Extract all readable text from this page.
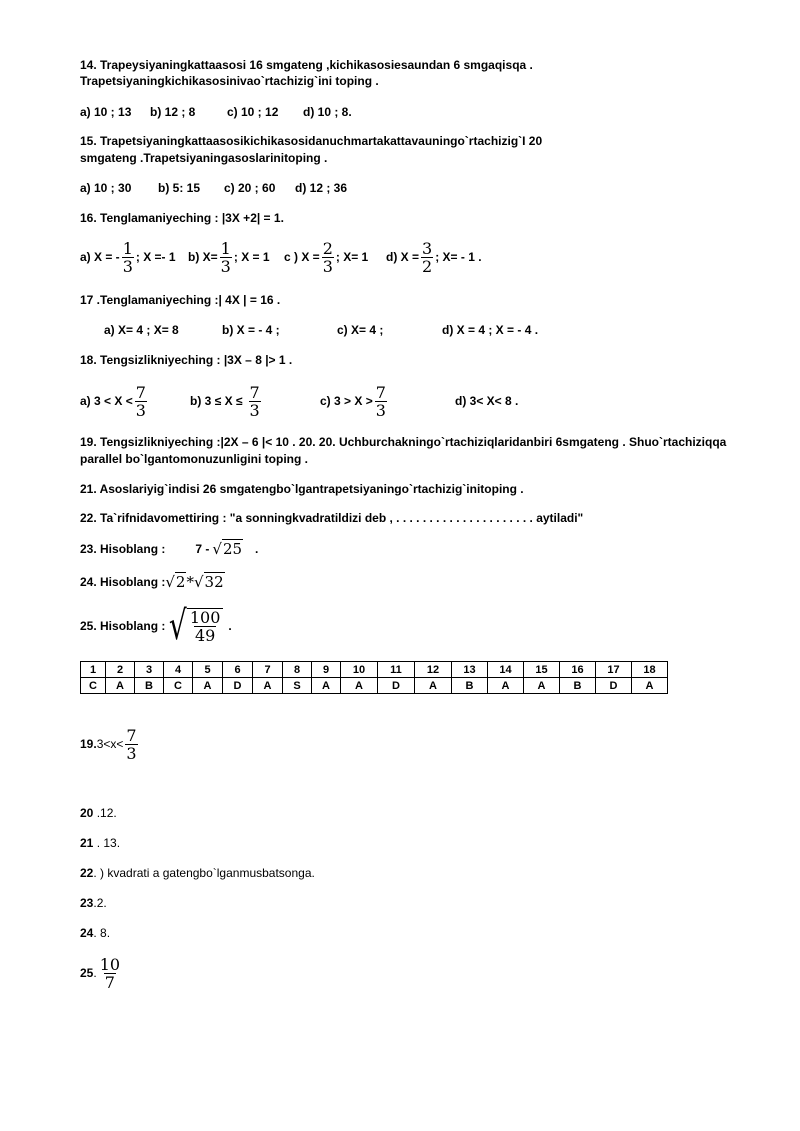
14. Trapeysiyaningkattaasosi 16 smgateng ,kichikasosiesaundan 6 smgaqisqa .
Trapetsiyaningkichikasosinivao`rtachizig`ini toping .
a) 10 ; 13 b) 12 ; 8	c) 10 ; 12 d) 10 ; 8.
15. Trapetsiyaningkattaasosikichikasosidanuchmartakattavauningo`rtachizig`I 20
smgateng .Trapetsiyaningasoslarinitoping .
a) 10 ; 30 b) 5: 15 c) 20 ; 60 d) 12 ; 36
16. Tenglamaniyeching : |3X +2| = 1.
a) X = - $\frac{1}{3}$ ; X =- 1 b) $X= \frac{1}{3}$ ; X = 1 c ) $X = \frac{2}{3}$ ; X= 1 d) $X = \frac{3}{2}$ ; X= - 1 .
17 .Tenglamaniyeching :| 4X | = 16 .
a) X= 4 ; X= 8	b) X = - 4 ;	c) X= 4 ;	d) X = 4 ; X = - 4 .
18. Tengsizlikniyeching : |3X – 8 |> 1 .
a) $3 < X < \frac{7}{3}$	b) $3 \le X \le \frac{7}{3}$	c) $3 > X > \frac{7}{3}$	d) 3< X< 8 .
19. Tengsizlikniyeching :|2X – 6 |< 10 . 20. 20. Uchburchakningo`rtachiziqlaridanbiri 6smgateng . Shuo`rtachiziqqa
parallel bo`lgantomonuzunligini toping .
21. Asoslariyig`indisi 26 smgatengbo`lgantrapetsiyaningo`rtachizig`initoping .
22. Ta`rifnidavomettiring : "a sonningkvadratildizi deb , . . . . . . . . . . . . . . . . . . . . . aytiladi"
23. Hisoblang :	7 - √25 .
24. Hisoblang : √2 * √32
25. Hisoblang : √ $\frac{100}{49}$ .
1	2	3	4	5	6	7	8	9	10	11	12	13	14	15	16	17	18
C	A	B	C	A	D	A	S	A	A	D	A	B	A	A	B	D	A
19. $3<x< \frac{7}{3}$
20 .12.
21 . 13.
22. ) kvadrati a gatengbo`lganmusbatsonga.
23.2.
24. 8.
25 . $\frac{10}{7}$
